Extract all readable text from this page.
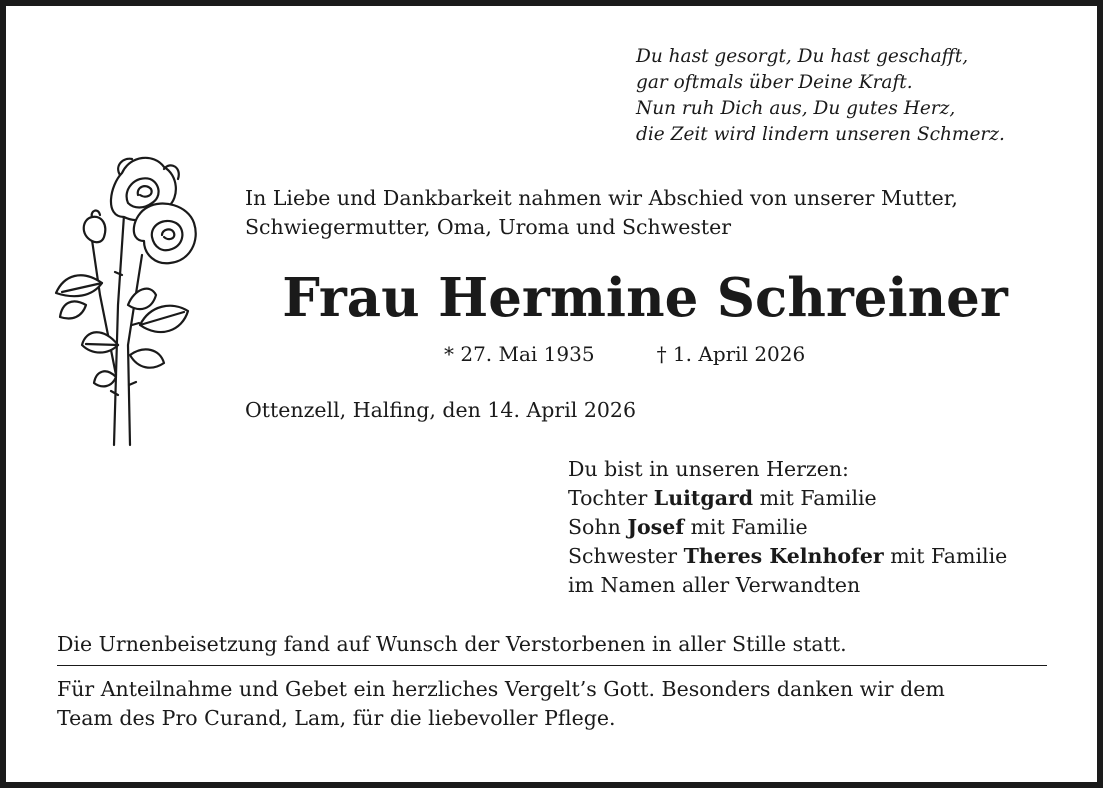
Du hast gesorgt, Du hast geschafft,
gar oftmals über Deine Kraft.
Nun ruh Dich aus, Du gutes Herz,
die Zeit wird lindern unseren Schmerz.
In Liebe und Dankbarkeit nahmen wir Abschied von unserer Mutter,
Schwiegermutter, Oma, Uroma und Schwester
Frau Hermine Schreiner
* 27. Mai 1935	† 1. April 2026
Ottenzell, Halfing, den 14. April 2026
Du bist in unseren Herzen:
Tochter Luitgard mit Familie
Sohn Josef mit Familie
Schwester Theres Kelnhofer mit Familie
im Namen aller Verwandten
Die Urnenbeisetzung fand auf Wunsch der Verstorbenen in aller Stille statt.
Für Anteilnahme und Gebet ein herzliches Vergelt’s Gott. Besonders danken wir dem
Team des Pro Curand, Lam, für die liebevoller Pflege.
